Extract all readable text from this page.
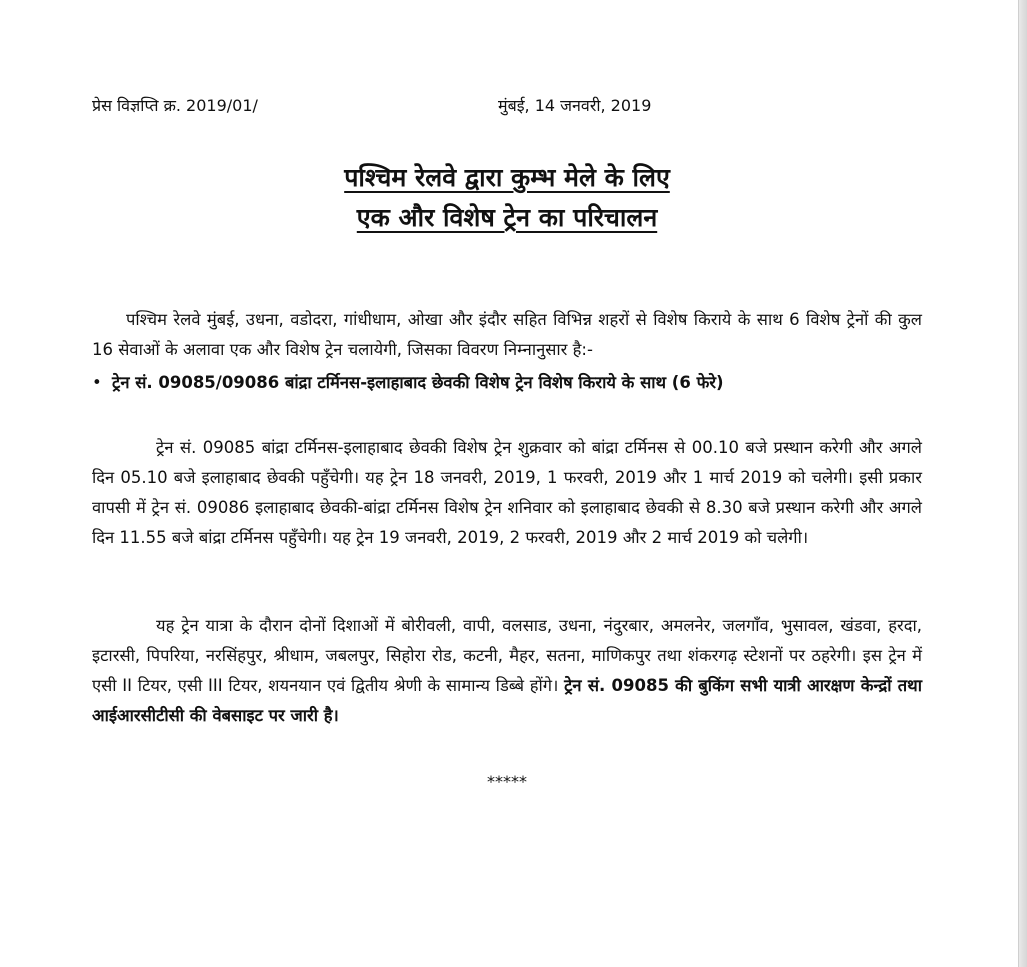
प्रेस विज्ञप्ति क्र. 2019/01/	मुंबई, 14 जनवरी, 2019
पश्चिम रेलवे द्वारा कुम्भ मेले के लिए
एक और विशेष ट्रेन का परिचालन

पश्चिम रेलवे मुंबई, उधना, वडोदरा, गांधीधाम, ओखा और इंदौर सहित विभिन्न शहरों से विशेष किराये के साथ 6 विशेष ट्रेनों की कुल 16 सेवाओं के अलावा एक और विशेष ट्रेन चलायेगी, जिसका विवरण निम्नानुसार है:-

• ट्रेन सं. 09085/09086 बांद्रा टर्मिनस-इलाहाबाद छेवकी विशेष ट्रेन विशेष किराये के साथ (6 फेरे)

ट्रेन सं. 09085 बांद्रा टर्मिनस-इलाहाबाद छेवकी विशेष ट्रेन शुक्रवार को बांद्रा टर्मिनस से 00.10 बजे प्रस्थान करेगी और अगले दिन 05.10 बजे इलाहाबाद छेवकी पहुँचेगी। यह ट्रेन 18 जनवरी, 2019, 1 फरवरी, 2019 और 1 मार्च 2019 को चलेगी। इसी प्रकार वापसी में ट्रेन सं. 09086 इलाहाबाद छेवकी-बांद्रा टर्मिनस विशेष ट्रेन शनिवार को इलाहाबाद छेवकी से 8.30 बजे प्रस्थान करेगी और अगले दिन 11.55 बजे बांद्रा टर्मिनस पहुँचेगी। यह ट्रेन 19 जनवरी, 2019, 2 फरवरी, 2019 और 2 मार्च 2019 को चलेगी।

यह ट्रेन यात्रा के दौरान दोनों दिशाओं में बोरीवली, वापी, वलसाड, उधना, नंदुरबार, अमलनेर, जलगाँव, भुसावल, खंडवा, हरदा, इटारसी, पिपरिया, नरसिंहपुर, श्रीधाम, जबलपुर, सिहोरा रोड, कटनी, मैहर, सतना, माणिकपुर तथा शंकरगढ़ स्टेशनों पर ठहरेगी। इस ट्रेन में एसी II टियर, एसी III टियर, शयनयान एवं द्वितीय श्रेणी के सामान्य डिब्बे होंगे। ट्रेन सं. 09085 की बुकिंग सभी यात्री आरक्षण केन्द्रों तथा आईआरसीटीसी की वेबसाइट पर जारी है।

*****
